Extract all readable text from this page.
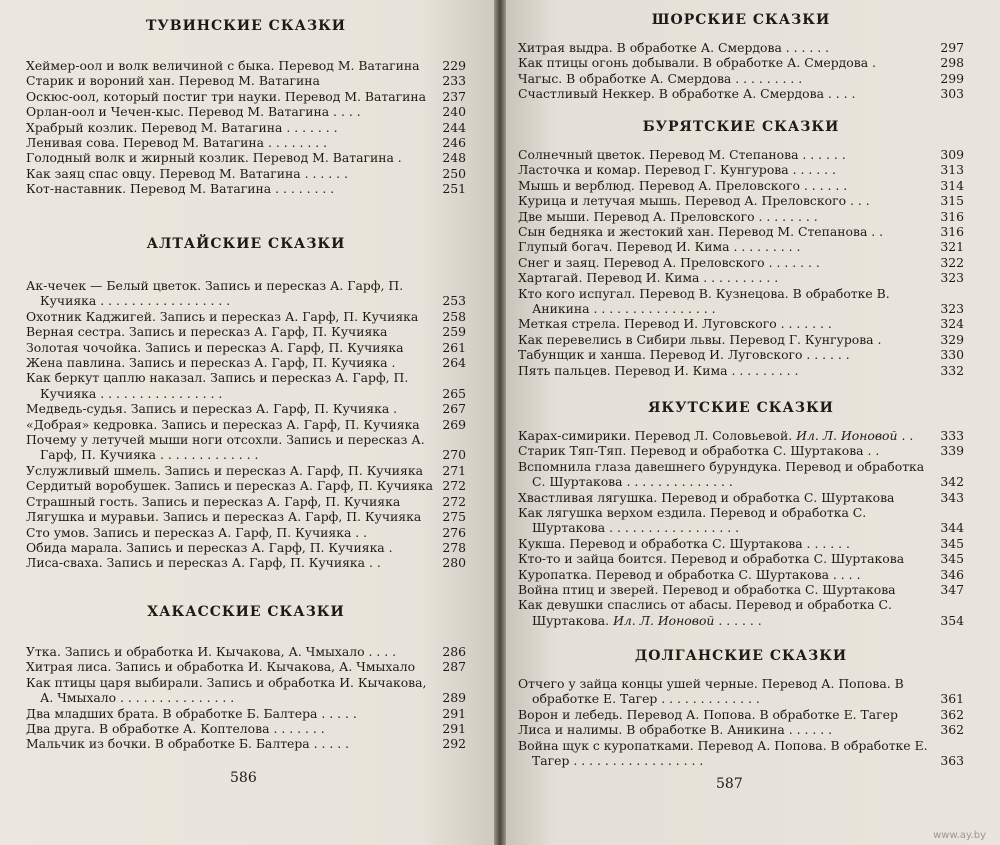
ТУВИНСКИЕ СКАЗКИ
Хеймер-оол и волк величиной с быка. Перевод М. Ватагина	229
Старик и вороний хан. Перевод М. Ватагина	233
Оскюс-оол, который постиг три науки. Перевод М. Ватагина	237
Орлан-оол и Чечен-кыс. Перевод М. Ватагина . . . .	240
Храбрый козлик. Перевод М. Ватагина . . . . . . .	244
Ленивая сова. Перевод М. Ватагина . . . . . . . .	246
Голодный волк и жирный козлик. Перевод М. Ватагина .	248
Как заяц спас овцу. Перевод М. Ватагина . . . . . .	250
Кот-наставник. Перевод М. Ватагина . . . . . . . .	251
АЛТАЙСКИЕ СКАЗКИ
Ак-чечек — Белый цветок. Запись и пересказ А. Гарф, П. Кучияка . . . . . . . . . . . . . . . . .	253
Охотник Каджигей. Запись и пересказ А. Гарф, П. Кучияка	258
Верная сестра. Запись и пересказ А. Гарф, П. Кучияка	259
Золотая чочойка. Запись и пересказ А. Гарф, П. Кучияка	261
Жена павлина. Запись и пересказ А. Гарф, П. Кучияка .	264
Как беркут цаплю наказал. Запись и пересказ А. Гарф, П. Кучияка . . . . . . . . . . . . . . . .	265
Медведь-судья. Запись и пересказ А. Гарф, П. Кучияка .	267
«Добрая» кедровка. Запись и пересказ А. Гарф, П. Кучияка	269
Почему у летучей мыши ноги отсохли. Запись и пересказ А. Гарф, П. Кучияка . . . . . . . . . . . . .	270
Услужливый шмель. Запись и пересказ А. Гарф, П. Кучияка	271
Сердитый воробушек. Запись и пересказ А. Гарф, П. Кучияка 272
Страшный гость. Запись и пересказ А. Гарф, П. Кучияка	272
Лягушка и муравьи. Запись и пересказ А. Гарф, П. Кучияка	275
Сто умов. Запись и пересказ А. Гарф, П. Кучияка . .	276
Обида марала. Запись и пересказ А. Гарф, П. Кучияка .	278
Лиса-сваха. Запись и пересказ А. Гарф, П. Кучияка . .	280
ХАКАССКИЕ СКАЗКИ
Утка. Запись и обработка И. Кычакова, А. Чмыхало . . . .	286
Хитрая лиса. Запись и обработка И. Кычакова, А. Чмыхало	287
Как птицы царя выбирали. Запись и обработка И. Кычакова, А. Чмыхало . . . . . . . . . . . . . . .	289
Два младших брата. В обработке Б. Балтера . . . . .	291
Два друга. В обработке А. Коптелова . . . . . . .	291
Мальчик из бочки. В обработке Б. Балтера . . . . .	292
586
ШОРСКИЕ СКАЗКИ
Хитрая выдра. В обработке А. Смердова . . . . . .	297
Как птицы огонь добывали. В обработке А. Смердова .	298
Чагыс. В обработке А. Смердова . . . . . . . . .	299
Счастливый Неккер. В обработке А. Смердова . . . .	303
БУРЯТСКИЕ СКАЗКИ
Солнечный цветок. Перевод М. Степанова . . . . . .	309
Ласточка и комар. Перевод Г. Кунгурова . . . . . .	313
Мышь и верблюд. Перевод А. Преловского . . . . . .	314
Курица и летучая мышь. Перевод А. Преловского . . .	315
Две мыши. Перевод А. Преловского . . . . . . . .	316
Сын бедняка и жестокий хан. Перевод М. Степанова . .	316
Глупый богач. Перевод И. Кима . . . . . . . . .	321
Снег и заяц. Перевод А. Преловского . . . . . . .	322
Хартагай. Перевод И. Кима . . . . . . . . . .	323
Кто кого испугал. Перевод В. Кузнецова. В обработке В. Аникина . . . . . . . . . . . . . . . .	323
Меткая стрела. Перевод И. Луговского . . . . . . .	324
Как перевелись в Сибири львы. Перевод Г. Кунгурова .	329
Табунщик и ханша. Перевод И. Луговского . . . . . .	330
Пять пальцев. Перевод И. Кима . . . . . . . . .	332
ЯКУТСКИЕ СКАЗКИ
Карах-симирики. Перевод Л. Соловьевой. Ил. Л. Ионовой . .	333
Старик Тяп-Тяп. Перевод и обработка С. Шуртакова . .	339
Вспомнила глаза давешнего бурундука. Перевод и обработка С. Шуртакова . . . . . . . . . . . . . .	342
Хвастливая лягушка. Перевод и обработка С. Шуртакова	343
Как лягушка верхом ездила. Перевод и обработка С. Шуртакова . . . . . . . . . . . . . . . . .	344
Кукша. Перевод и обработка С. Шуртакова . . . . . .	345
Кто-то и зайца боится. Перевод и обработка С. Шуртакова	345
Куропатка. Перевод и обработка С. Шуртакова . . . .	346
Война птиц и зверей. Перевод и обработка С. Шуртакова	347
Как девушки спаслись от абасы. Перевод и обработка С. Шуртакова. Ил. Л. Ионовой . . . . . .	354
ДОЛГАНСКИЕ СКАЗКИ
Отчего у зайца концы ушей черные. Перевод А. Попова. В обработке Е. Тагер . . . . . . . . . . . . .	361
Ворон и лебедь. Перевод А. Попова. В обработке Е. Тагер	362
Лиса и налимы. В обработке В. Аникина . . . . . .	362
Война щук с куропатками. Перевод А. Попова. В обработке Е. Тагер . . . . . . . . . . . . . . . . .	363
587
www.ay.by
